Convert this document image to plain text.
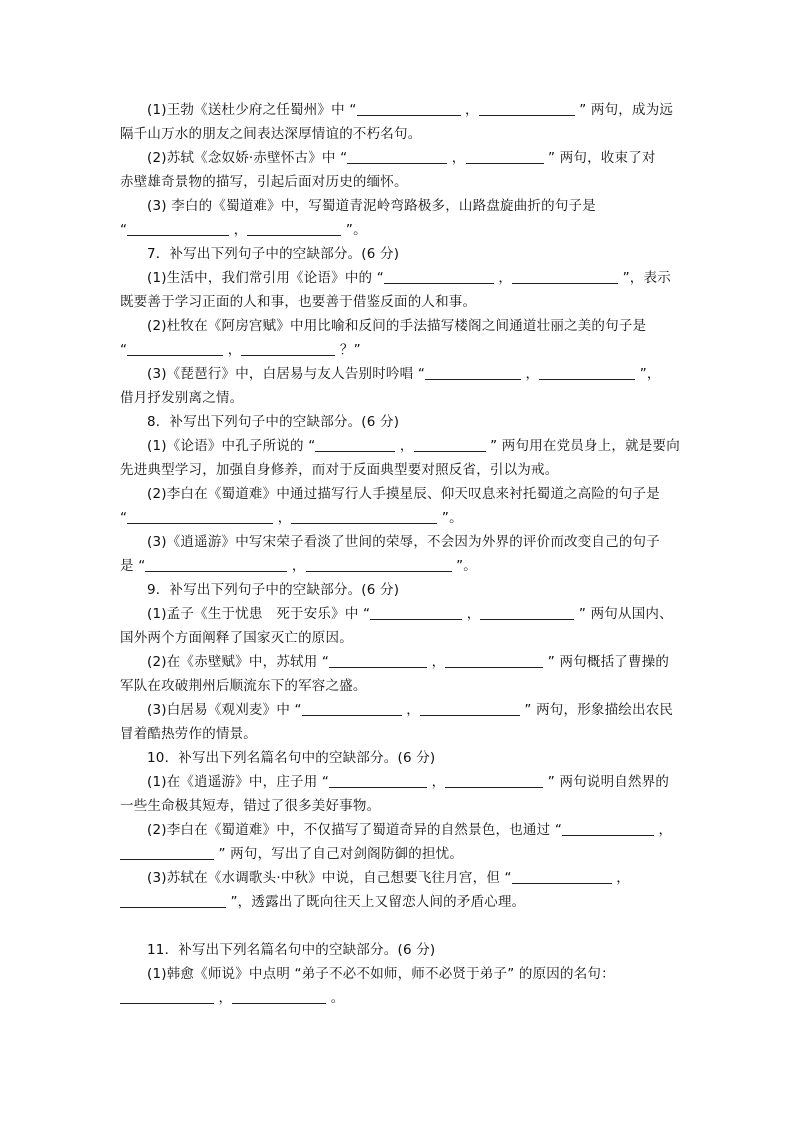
(1)王勃《送杜少府之任蜀州》中 “	，	” 两句，成为远
隔千山万水的朋友之间表达深厚情谊的不朽名句。
(2)苏轼《念奴娇·赤壁怀古》中 “	，	” 两句，收束了对
赤壁雄奇景物的描写，引起后面对历史的缅怀。
(3) 李白的《蜀道难》中，写蜀道青泥岭弯路极多，山路盘旋曲折的句子是
“	，	”。
7．补写出下列句子中的空缺部分。(6 分)
(1)生活中，我们常引用《论语》中的 “	，	”，表示
既要善于学习正面的人和事，也要善于借鉴反面的人和事。
(2)杜牧在《阿房宫赋》中用比喻和反问的手法描写楼阁之间通道壮丽之美的句子是
“	，	？”
(3)《琵琶行》中，白居易与友人告别时吟唱 “	，	”，
借月抒发别离之情。
8．补写出下列句子中的空缺部分。(6 分)
(1)《论语》中孔子所说的 “	，	” 两句用在党员身上，就是要向
先进典型学习，加强自身修养，而对于反面典型要对照反省，引以为戒。
(2)李白在《蜀道难》中通过描写行人手摸星辰、仰天叹息来衬托蜀道之高险的句子是
“	，	”。
(3)《逍遥游》中写宋荣子看淡了世间的荣辱，不会因为外界的评价而改变自己的句子
是 “	，	”。
9．补写出下列句子中的空缺部分。(6 分)
(1)孟子《生于忧患　死于安乐》中 “	，	” 两句从国内、
国外两个方面阐释了国家灭亡的原因。
(2)在《赤壁赋》中，苏轼用 “	，	” 两句概括了曹操的
军队在攻破荆州后顺流东下的军容之盛。
(3)白居易《观刈麦》中 “	，	” 两句，形象描绘出农民
冒着酷热劳作的情景。
10．补写出下列名篇名句中的空缺部分。(6 分)
(1)在《逍遥游》中，庄子用 “	，	” 两句说明自然界的
一些生命极其短寿，错过了很多美好事物。
(2)李白在《蜀道难》中，不仅描写了蜀道奇异的自然景色，也通过 “	，
” 两句，写出了自己对剑阁防御的担忧。
(3)苏轼在《水调歌头·中秋》中说，自己想要飞往月宫，但 “	，
”，透露出了既向往天上又留恋人间的矛盾心理。
11．补写出下列名篇名句中的空缺部分。(6 分)
(1)韩愈《师说》中点明 “弟子不必不如师，师不必贤于弟子” 的原因的名句：
，	。
